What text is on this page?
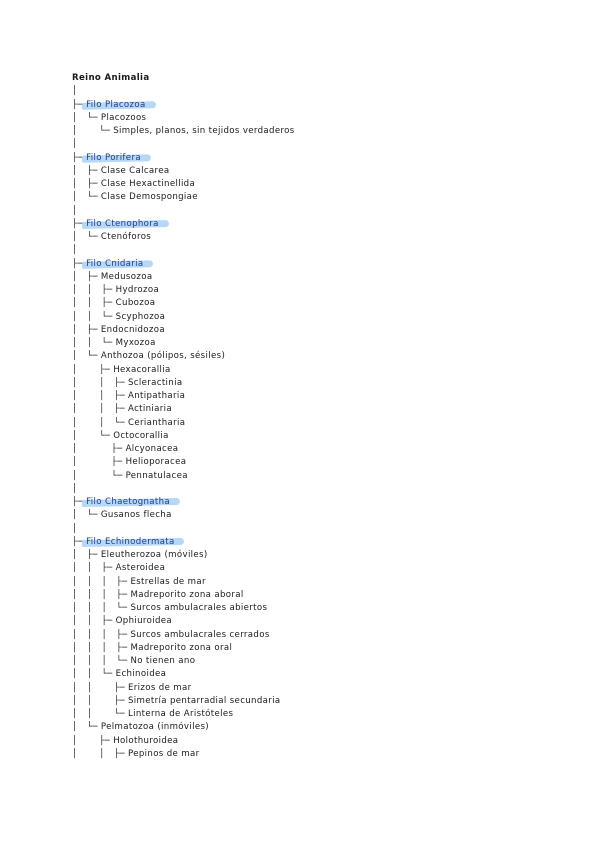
Reino Animalia
│
├─ Filo Placozoa
│   └─ Placozoos
│       └─ Simples, planos, sin tejidos verdaderos
│
├─ Filo Porifera
│   ├─ Clase Calcarea
│   ├─ Clase Hexactinellida
│   └─ Clase Demospongiae
│
├─ Filo Ctenophora
│   └─ Ctenóforos
│
├─ Filo Cnidaria
│   ├─ Medusozoa
│   │   ├─ Hydrozoa
│   │   ├─ Cubozoa
│   │   └─ Scyphozoa
│   ├─ Endocnidozoa
│   │   └─ Myxozoa
│   └─ Anthozoa (pólipos, sésiles)
│       ├─ Hexacorallia
│       │   ├─ Scleractinia
│       │   ├─ Antipatharia
│       │   ├─ Actiniaria
│       │   └─ Ceriantharia
│       └─ Octocorallia
│           ├─ Alcyonacea
│           ├─ Helioporacea
│           └─ Pennatulacea
│
├─ Filo Chaetognatha
│   └─ Gusanos flecha
│
├─ Filo Echinodermata
│   ├─ Eleutherozoa (móviles)
│   │   ├─ Asteroidea
│   │   │   ├─ Estrellas de mar
│   │   │   ├─ Madreporito zona aboral
│   │   │   └─ Surcos ambulacrales abiertos
│   │   ├─ Ophiuroidea
│   │   │   ├─ Surcos ambulacrales cerrados
│   │   │   ├─ Madreporito zona oral
│   │   │   └─ No tienen ano
│   │   └─ Echinoidea
│   │       ├─ Erizos de mar
│   │       ├─ Simetría pentarradial secundaria
│   │       └─ Linterna de Aristóteles
│   └─ Pelmatozoa (inmóviles)
│       ├─ Holothuroidea
│       │   ├─ Pepinos de mar
